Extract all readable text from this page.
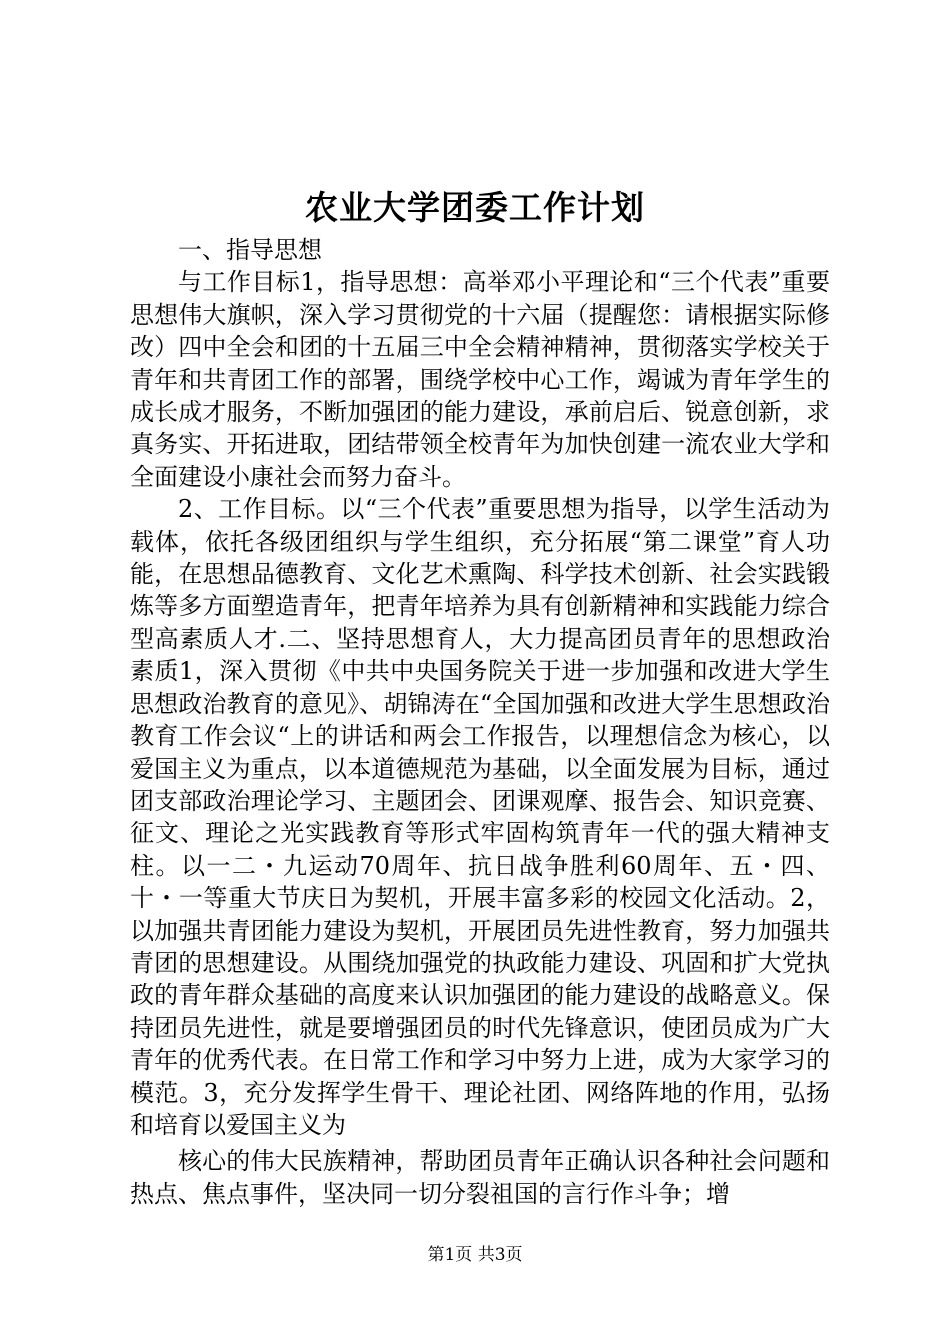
农业大学团委工作计划

一、指导思想

与工作目标1，指导思想：高举邓小平理论和“三个代表”重要思想伟大旗帜，深入学习贯彻党的十六届（提醒您：请根据实际修改）四中全会和团的十五届三中全会精神精神，贯彻落实学校关于青年和共青团工作的部署，围绕学校中心工作，竭诚为青年学生的成长成才服务，不断加强团的能力建设，承前启后、锐意创新，求真务实、开拓进取，团结带领全校青年为加快创建一流农业大学和全面建设小康社会而努力奋斗。

2、工作目标。以“三个代表”重要思想为指导，以学生活动为载体，依托各级团组织与学生组织，充分拓展“第二课堂”育人功能，在思想品德教育、文化艺术熏陶、科学技术创新、社会实践锻炼等多方面塑造青年，把青年培养为具有创新精神和实践能力综合型高素质人才.二、坚持思想育人，大力提高团员青年的思想政治素质1，深入贯彻《中共中央国务院关于进一步加强和改进大学生思想政治教育的意见》、胡锦涛在“全国加强和改进大学生思想政治教育工作会议“上的讲话和两会工作报告，以理想信念为核心，以爱国主义为重点，以本道德规范为基础，以全面发展为目标，通过团支部政治理论学习、主题团会、团课观摩、报告会、知识竞赛、征文、理论之光实践教育等形式牢固构筑青年一代的强大精神支柱。以一二・九运动70周年、抗日战争胜利60周年、五・四、十・一等重大节庆日为契机，开展丰富多彩的校园文化活动。2，以加强共青团能力建设为契机，开展团员先进性教育，努力加强共青团的思想建设。从围绕加强党的执政能力建设、巩固和扩大党执政的青年群众基础的高度来认识加强团的能力建设的战略意义。保持团员先进性，就是要增强团员的时代先锋意识，使团员成为广大青年的优秀代表。在日常工作和学习中努力上进，成为大家学习的模范。3，充分发挥学生骨干、理论社团、网络阵地的作用，弘扬和培育以爱国主义为

核心的伟大民族精神，帮助团员青年正确认识各种社会问题和热点、焦点事件，坚决同一切分裂祖国的言行作斗争；增

第1页 共3页
